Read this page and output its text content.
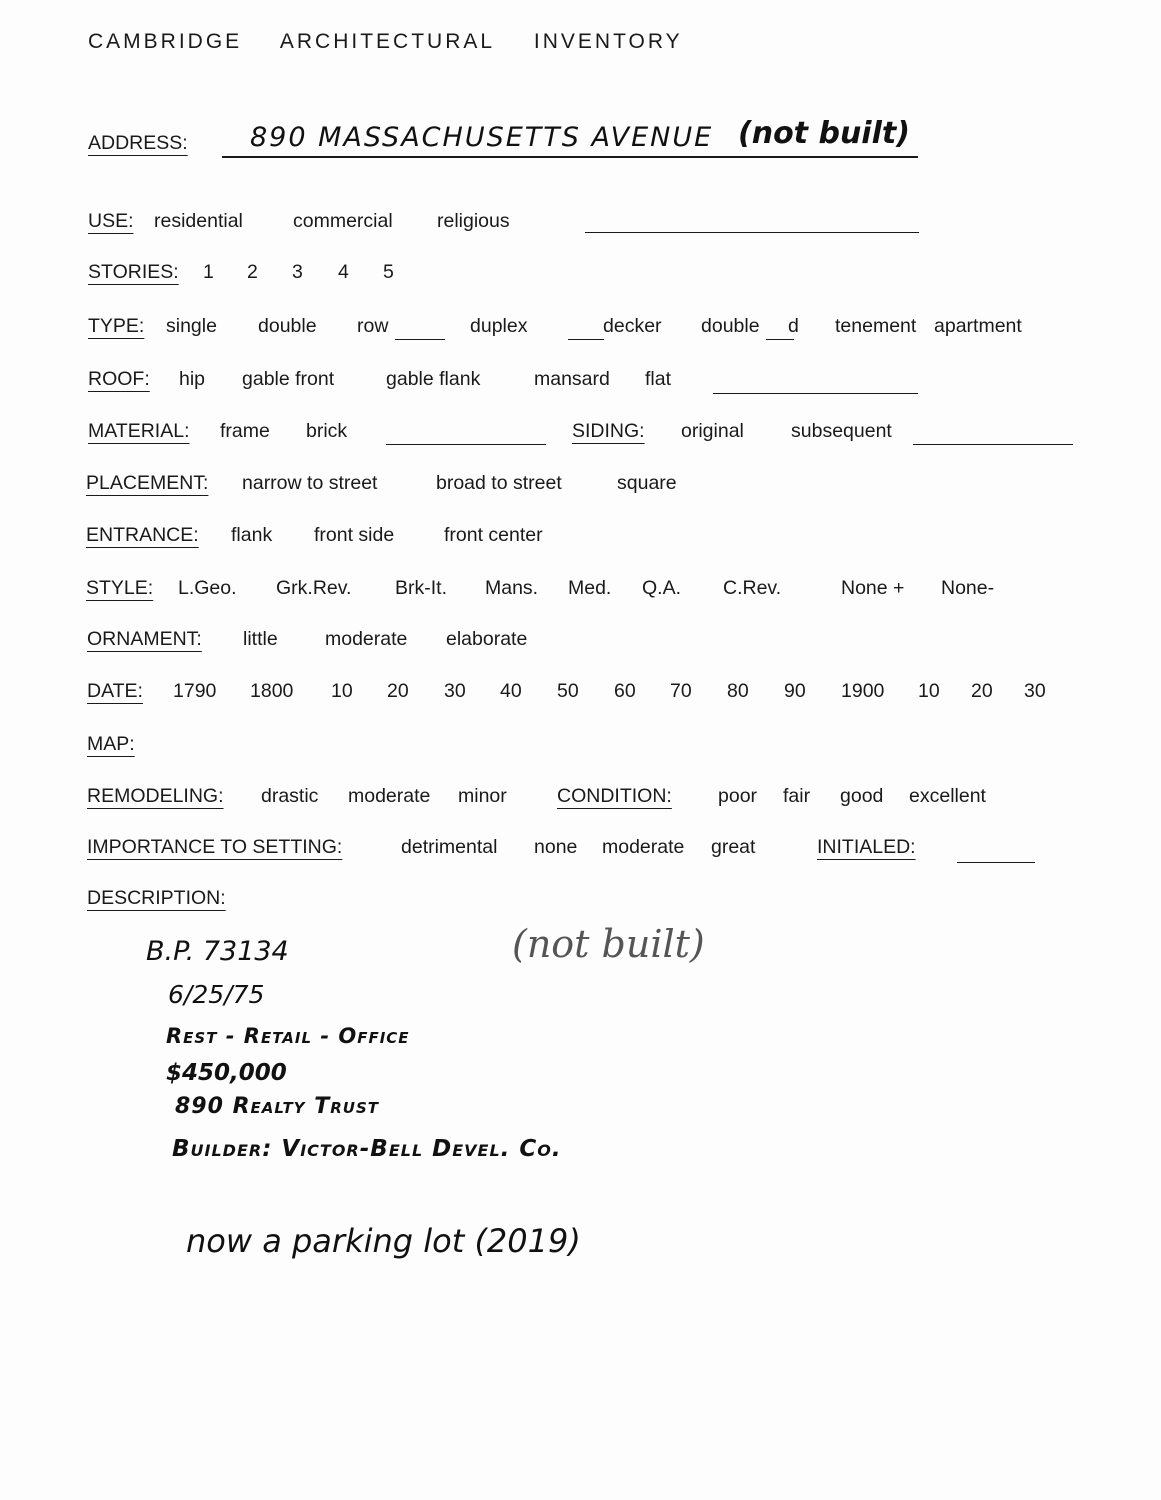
CAMBRIDGE ARCHITECTURAL INVENTORY
ADDRESS: 890 MASSACHUSETTS AVENUE (not built)
USE: residential	commercial religious
STORIES: 1 2 3 4 5
TYPE: single double row	duplex	decker double d tenement apartment
ROOF: hip gable front	gable flank	mansard flat
MATERIAL: frame brick	SIDING: original subsequent
PLACEMENT: narrow to street	broad to street	square
ENTRANCE: flank front side	front center
STYLE: L.Geo. Grk.Rev. Brk-It. Mans. Med. Q.A. C.Rev.	None + None-
ORNAMENT: little moderate elaborate
DATE: 1790 1800 10 20 30 40 50 60 70 80 90 1900 10 20 30
MAP:
REMODELING: drastic moderate minor	CONDITION: poor fair good excellent
IMPORTANCE TO SETTING:	detrimental none moderate great	INITIALED:
DESCRIPTION:
B.P. 73134
6/25/75
Rest - Retail - Office
$450,000
890 Realty Trust
Builder: Victor-Bell Devel. Co.
(not built)
now a parking lot (2019)
